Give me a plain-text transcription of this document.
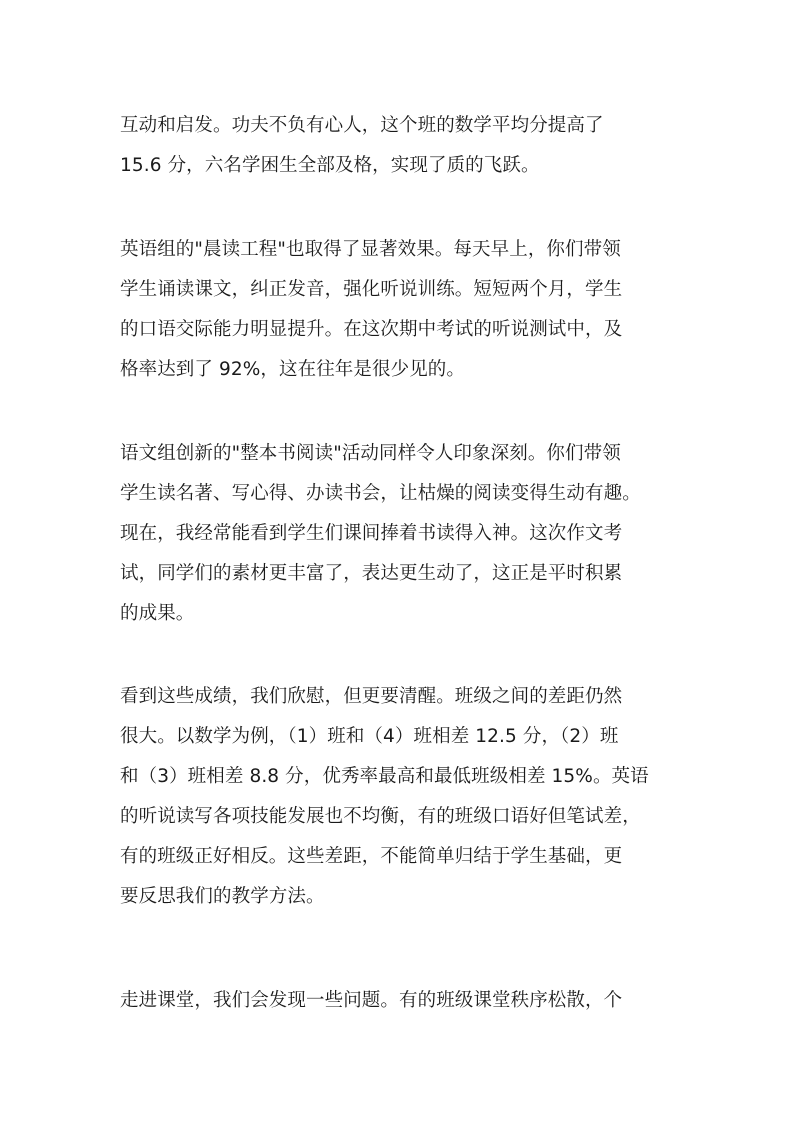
互动和启发。功夫不负有心人，这个班的数学平均分提高了
15.6 分，六名学困生全部及格，实现了质的飞跃。
英语组的"晨读工程"也取得了显著效果。每天早上，你们带领
学生诵读课文，纠正发音，强化听说训练。短短两个月，学生
的口语交际能力明显提升。在这次期中考试的听说测试中，及
格率达到了 92%，这在往年是很少见的。
语文组创新的"整本书阅读"活动同样令人印象深刻。你们带领
学生读名著、写心得、办读书会，让枯燥的阅读变得生动有趣。
现在，我经常能看到学生们课间捧着书读得入神。这次作文考
试，同学们的素材更丰富了，表达更生动了，这正是平时积累
的成果。
看到这些成绩，我们欣慰，但更要清醒。班级之间的差距仍然
很大。以数学为例，（1）班和（4）班相差 12.5 分，（2）班
和（3）班相差 8.8 分，优秀率最高和最低班级相差 15%。英语
的听说读写各项技能发展也不均衡，有的班级口语好但笔试差，
有的班级正好相反。这些差距，不能简单归结于学生基础，更
要反思我们的教学方法。
走进课堂，我们会发现一些问题。有的班级课堂秩序松散，个
